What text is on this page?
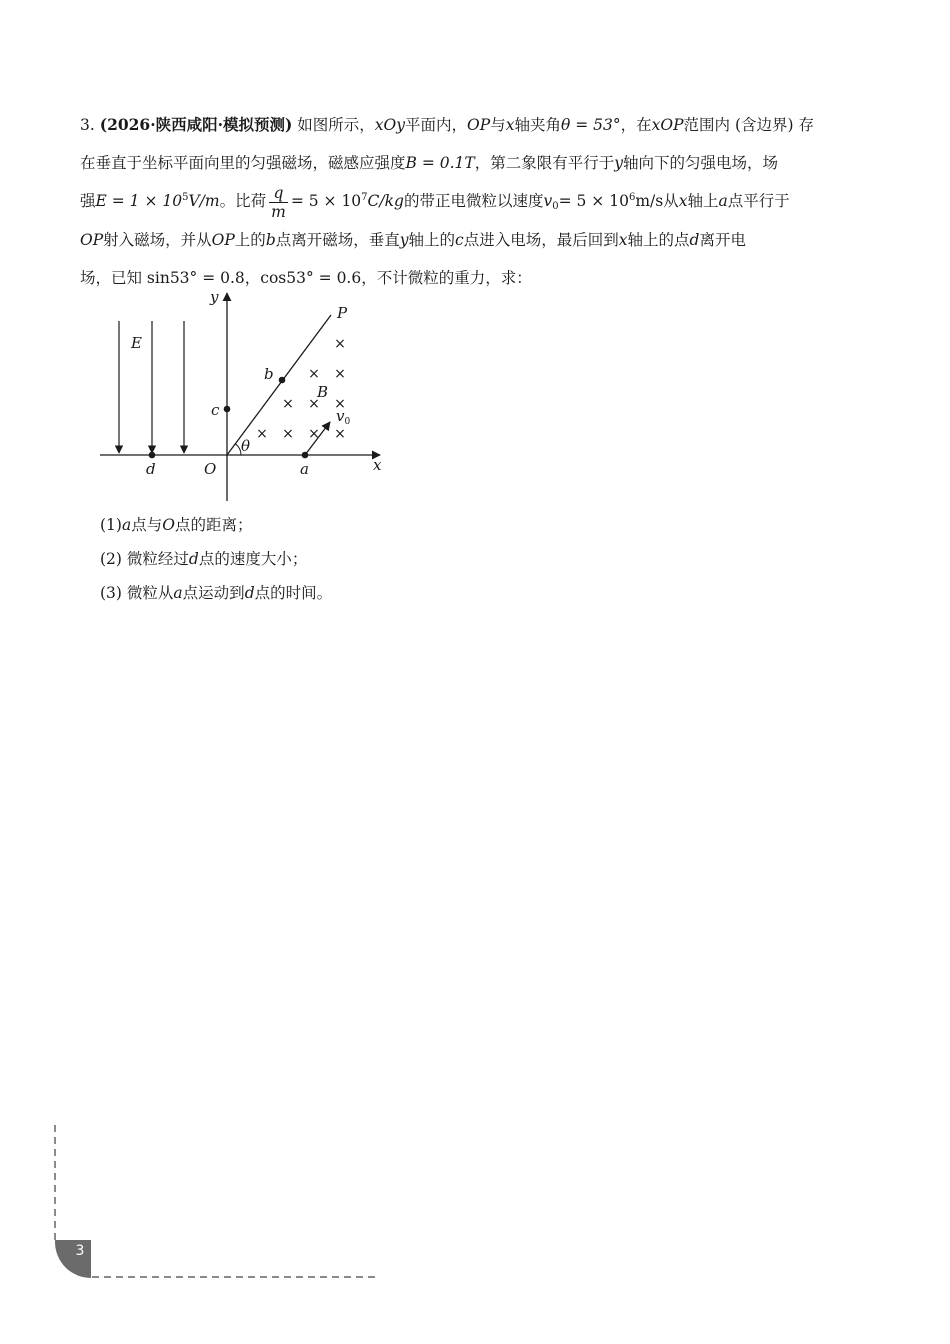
3. (2026·陕西咸阳·模拟预测) 如图所示，xOy平面内，OP与x轴夹角θ = 53°，在xOP范围内 (含边界) 存
在垂直于坐标平面向里的匀强磁场，磁感应强度B = 0.1T，第二象限有平行于y轴向下的匀强电场，场
强$E = 1 \times 10^5V/m$。比荷 $\frac{q}{m} = 5 \times 10^7C/kg$的带正电微粒以速度$v_0= 5 \times 10^6m/s$从x轴上a点平行于
OP射入磁场，并从OP上的b点离开磁场，垂直y轴上的c点进入电场，最后回到x轴上的点d离开电
场，已知 sin53° = 0.8，cos53° = 0.6，不计微粒的重力，求：
×
× ×
× × ×
× × × ×
y
P
E
b
B
c	$v_0$
θ
d	O	a	x
(1)a点与O点的距离；
(2) 微粒经过d点的速度大小；
(3) 微粒从a点运动到d点的时间。
3
